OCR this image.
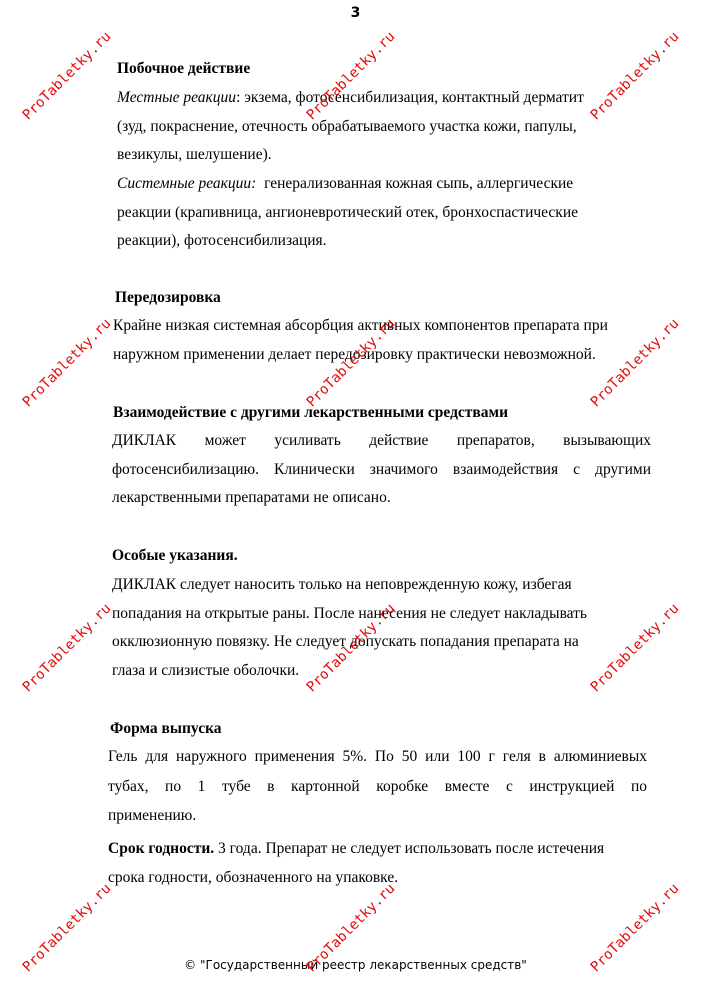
3
Побочное действие
Местные реакции: экзема, фотосенсибилизация, контактный дерматит
(зуд, покраснение, отечность обрабатываемого участка кожи, папулы,
везикулы, шелушение).
Системные реакции: генерализованная кожная сыпь, аллергические
реакции (крапивница, ангионевротический отек, бронхоспастические
реакции), фотосенсибилизация.
Передозировка
Крайне низкая системная абсорбция активных компонентов препарата при
наружном применении делает передозировку практически невозможной.
Взаимодействие с другими лекарственными средствами
ДИКЛАК может усиливать действие препаратов, вызывающих
фотосенсибилизацию. Клинически значимого взаимодействия с другими
лекарственными препаратами не описано.
Особые указания.
ДИКЛАК следует наносить только на неповрежденную кожу, избегая
попадания на открытые раны. После нанесения не следует накладывать
окклюзионную повязку. Не следует допускать попадания препарата на
глаза и слизистые оболочки.
Форма выпуска
Гель для наружного применения 5%. По 50 или 100 г геля в алюминиевых
тубах, по 1 тубе в картонной коробке вместе с инструкцией по
применению.
Срок годности. 3 года. Препарат не следует использовать после истечения
срока годности, обозначенного на упаковке.
© "Государственный реестр лекарственных средств"
ProTabletky.ru	ProTabletky.ru	ProTabletky.ru
ProTabletky.ru	ProTabletky.ru	ProTabletky.ru
ProTabletky.ru	ProTabletky.ru	ProTabletky.ru
ProTabletky.ru	ProTabletky.ru	ProTabletky.ru
